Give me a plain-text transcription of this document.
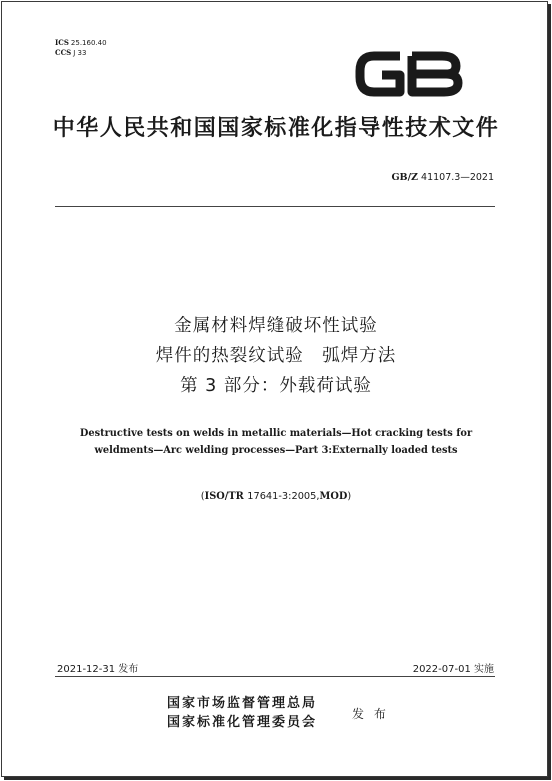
ICS 25.160.40
CCS J 33
中华人民共和国国家标准化指导性技术文件
GB/Z 41107.3—2021
金属材料焊缝破坏性试验
焊件的热裂纹试验　弧焊方法
第 3 部分：外载荷试验
Destructive tests on welds in metallic materials—Hot cracking tests for
weldments—Arc welding processes—Part 3:Externally loaded tests
(ISO/TR 17641-3:2005,MOD)
2021-12-31 发布	2022-07-01 实施
国家市场监督管理总局
国家标准化管理委员会
发 布
